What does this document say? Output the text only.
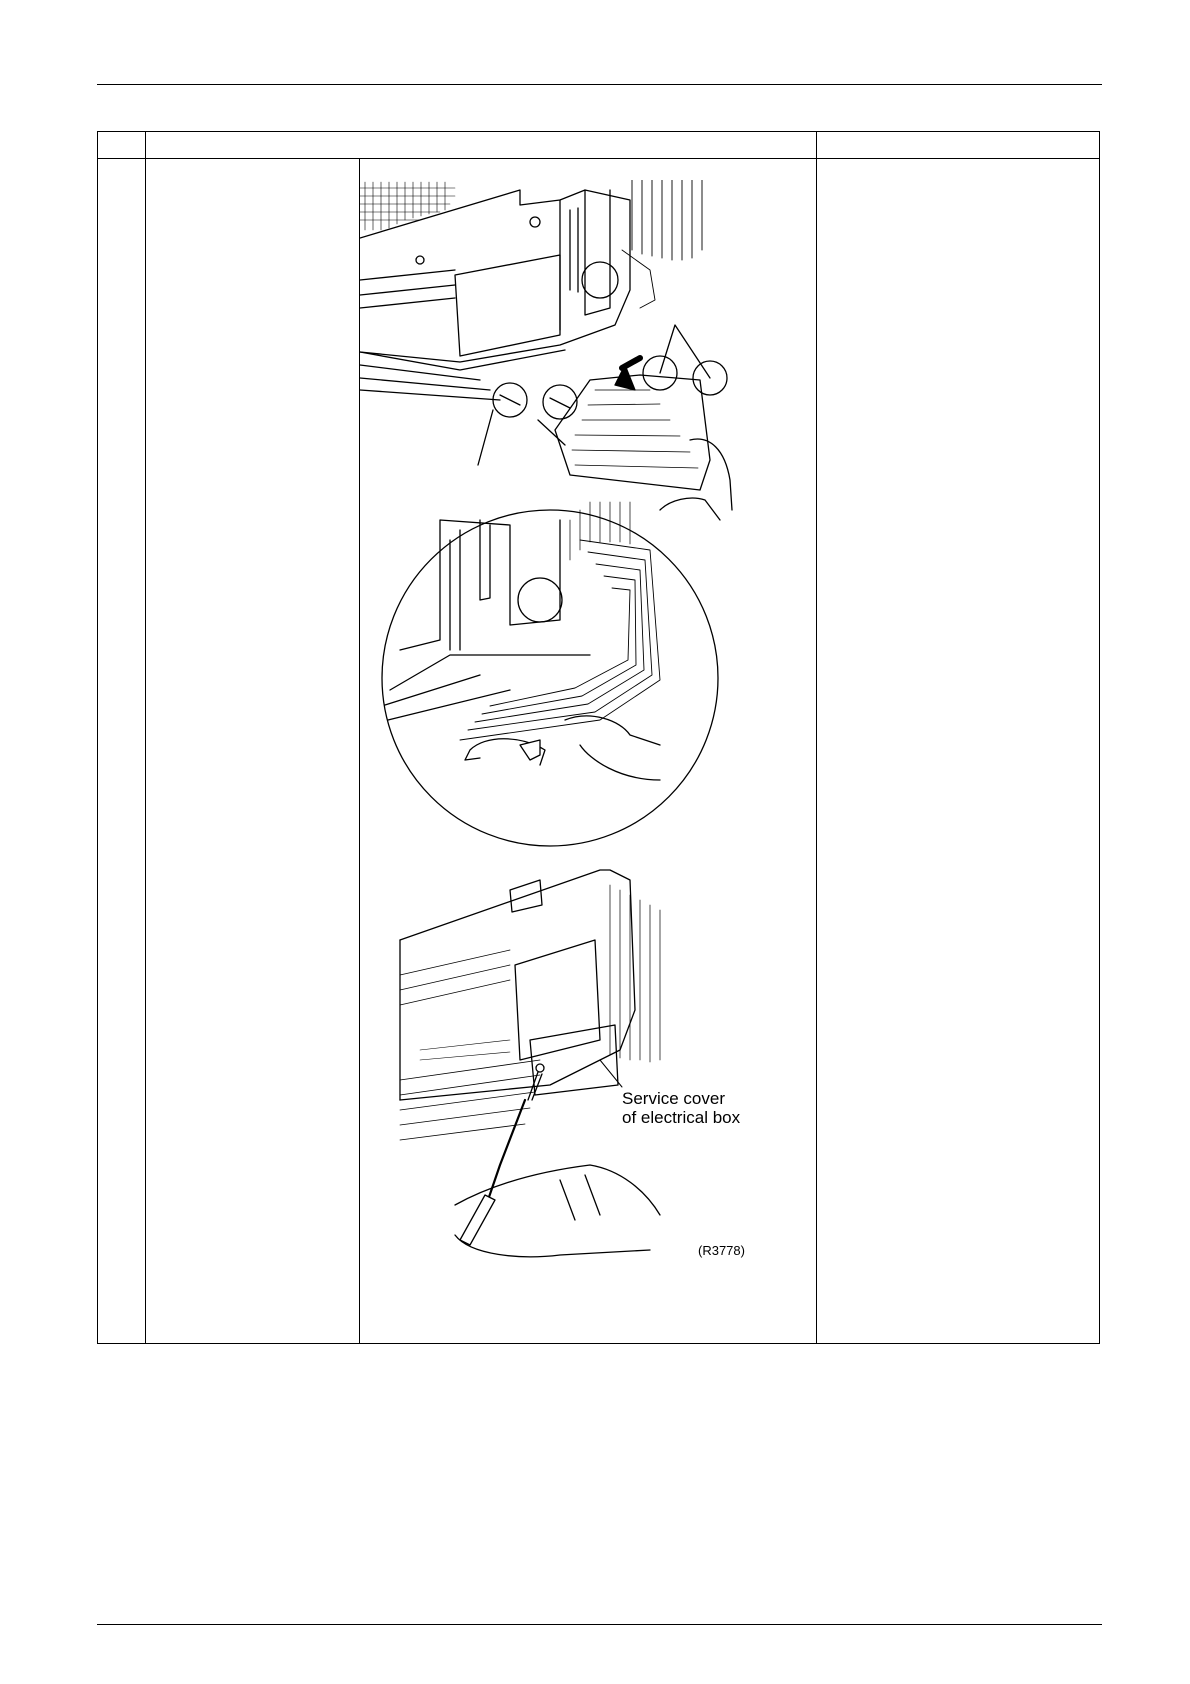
Service cover
of electrical box
(R3778)
